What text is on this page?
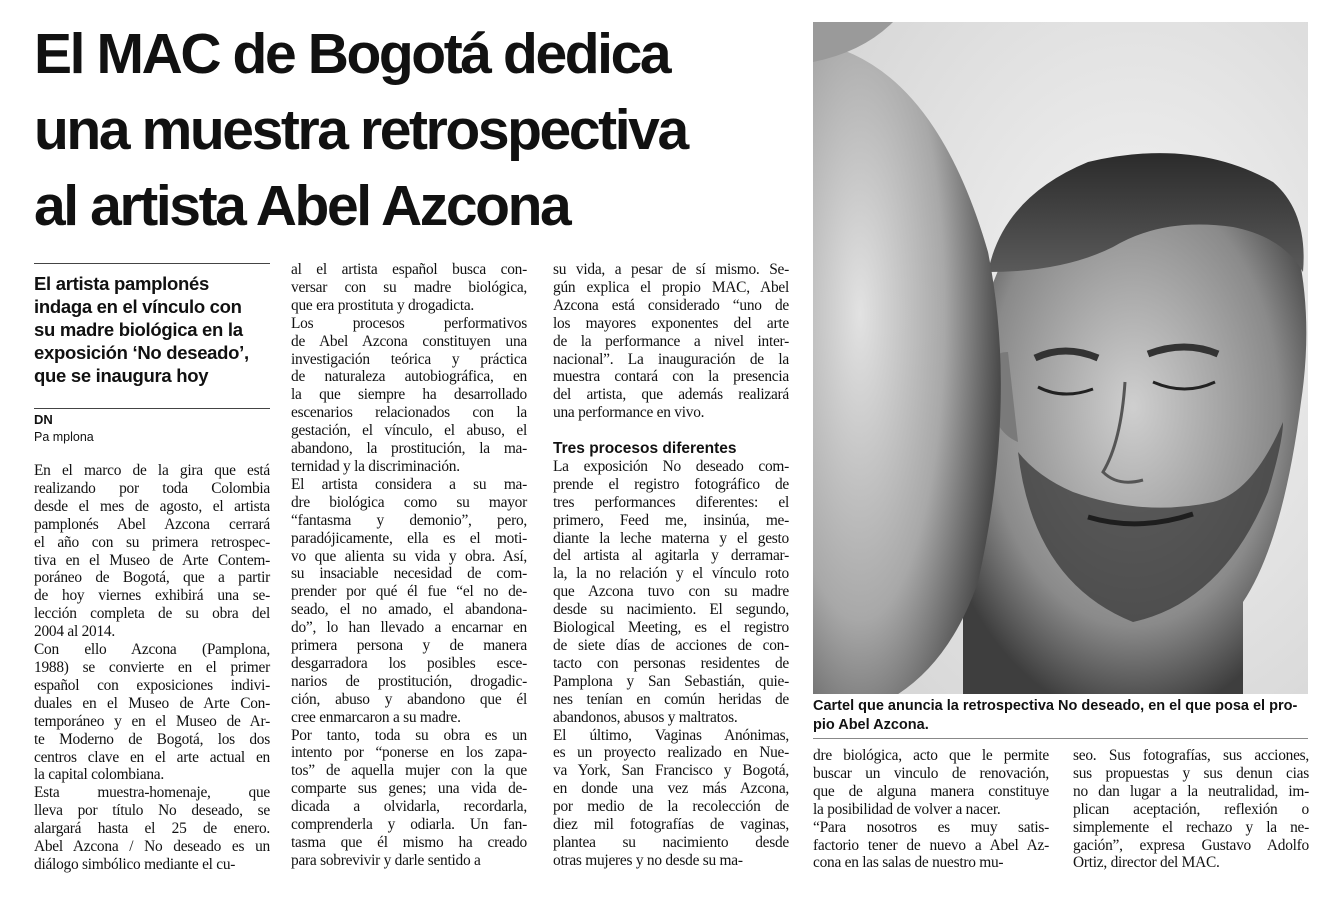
El MAC de Bogotá dedica
una muestra retrospectiva
al artista Abel Azcona
El artista pamplonés
indaga en el vínculo con
su madre biológica en la
exposición ‘No deseado’,
que se inaugura hoy
DN
Pa mplona
En el marco de la gira que está
realizando por toda Colombia
desde el mes de agosto, el artista
pamplonés Abel Azcona cerrará
el año con su primera retrospec-
tiva en el Museo de Arte Contem-
poráneo de Bogotá, que a partir
de hoy viernes exhibirá una se-
lección completa de su obra del
2004 al 2014.
Con ello Azcona (Pamplona,
1988) se convierte en el primer
español con exposiciones indivi-
duales en el Museo de Arte Con-
temporáneo y en el Museo de Ar-
te Moderno de Bogotá, los dos
centros clave en el arte actual en
la capital colombiana.
Esta muestra-homenaje, que
lleva por título No deseado, se
alargará hasta el 25 de enero.
Abel Azcona / No deseado es un
diálogo simbólico mediante el cu-
al el artista español busca con-
versar con su madre biológica,
que era prostituta y drogadicta.
Los procesos performativos
de Abel Azcona constituyen una
investigación teórica y práctica
de naturaleza autobiográfica, en
la que siempre ha desarrollado
escenarios relacionados con la
gestación, el vínculo, el abuso, el
abandono, la prostitución, la ma-
ternidad y la discriminación.
El artista considera a su ma-
dre biológica como su mayor
“fantasma y demonio”, pero,
paradójicamente, ella es el moti-
vo que alienta su vida y obra. Así,
su insaciable necesidad de com-
prender por qué él fue “el no de-
seado, el no amado, el abandona-
do”, lo han llevado a encarnar en
primera persona y de manera
desgarradora los posibles esce-
narios de prostitución, drogadic-
ción, abuso y abandono que él
cree enmarcaron a su madre.
Por tanto, toda su obra es un
intento por “ponerse en los zapa-
tos” de aquella mujer con la que
comparte sus genes; una vida de-
dicada a olvidarla, recordarla,
comprenderla y odiarla. Un fan-
tasma que él mismo ha creado
para sobrevivir y darle sentido a
su vida, a pesar de sí mismo. Se-
gún explica el propio MAC, Abel
Azcona está considerado “uno de
los mayores exponentes del arte
de la performance a nivel inter-
nacional”. La inauguración de la
muestra contará con la presencia
del artista, que además realizará
una performance en vivo.
Tres procesos diferentes
La exposición No deseado com-
prende el registro fotográfico de
tres performances diferentes: el
primero, Feed me, insinúa, me-
diante la leche materna y el gesto
del artista al agitarla y derramar-
la, la no relación y el vínculo roto
que Azcona tuvo con su madre
desde su nacimiento. El segundo,
Biological Meeting, es el registro
de siete días de acciones de con-
tacto con personas residentes de
Pamplona y San Sebastián, quie-
nes tenían en común heridas de
abandonos, abusos y maltratos.
El último, Vaginas Anónimas,
es un proyecto realizado en Nue-
va York, San Francisco y Bogotá,
en donde una vez más Azcona,
por medio de la recolección de
diez mil fotografías de vaginas,
plantea su nacimiento desde
otras mujeres y no desde su ma-
dre biológica, acto que le permite
buscar un vinculo de renovación,
que de alguna manera constituye
la posibilidad de volver a nacer.
“Para nosotros es muy satis-
factorio tener de nuevo a Abel Az-
cona en las salas de nuestro mu-
seo. Sus fotografías, sus acciones,
sus propuestas y sus denun cias
no dan lugar a la neutralidad, im-
plican aceptación, reflexión o
simplemente el rechazo y la ne-
gación”, expresa Gustavo Adolfo
Ortiz, director del MAC.
Cartel que anuncia la retrospectiva No deseado, en el que posa el pro-
pio Abel Azcona.
